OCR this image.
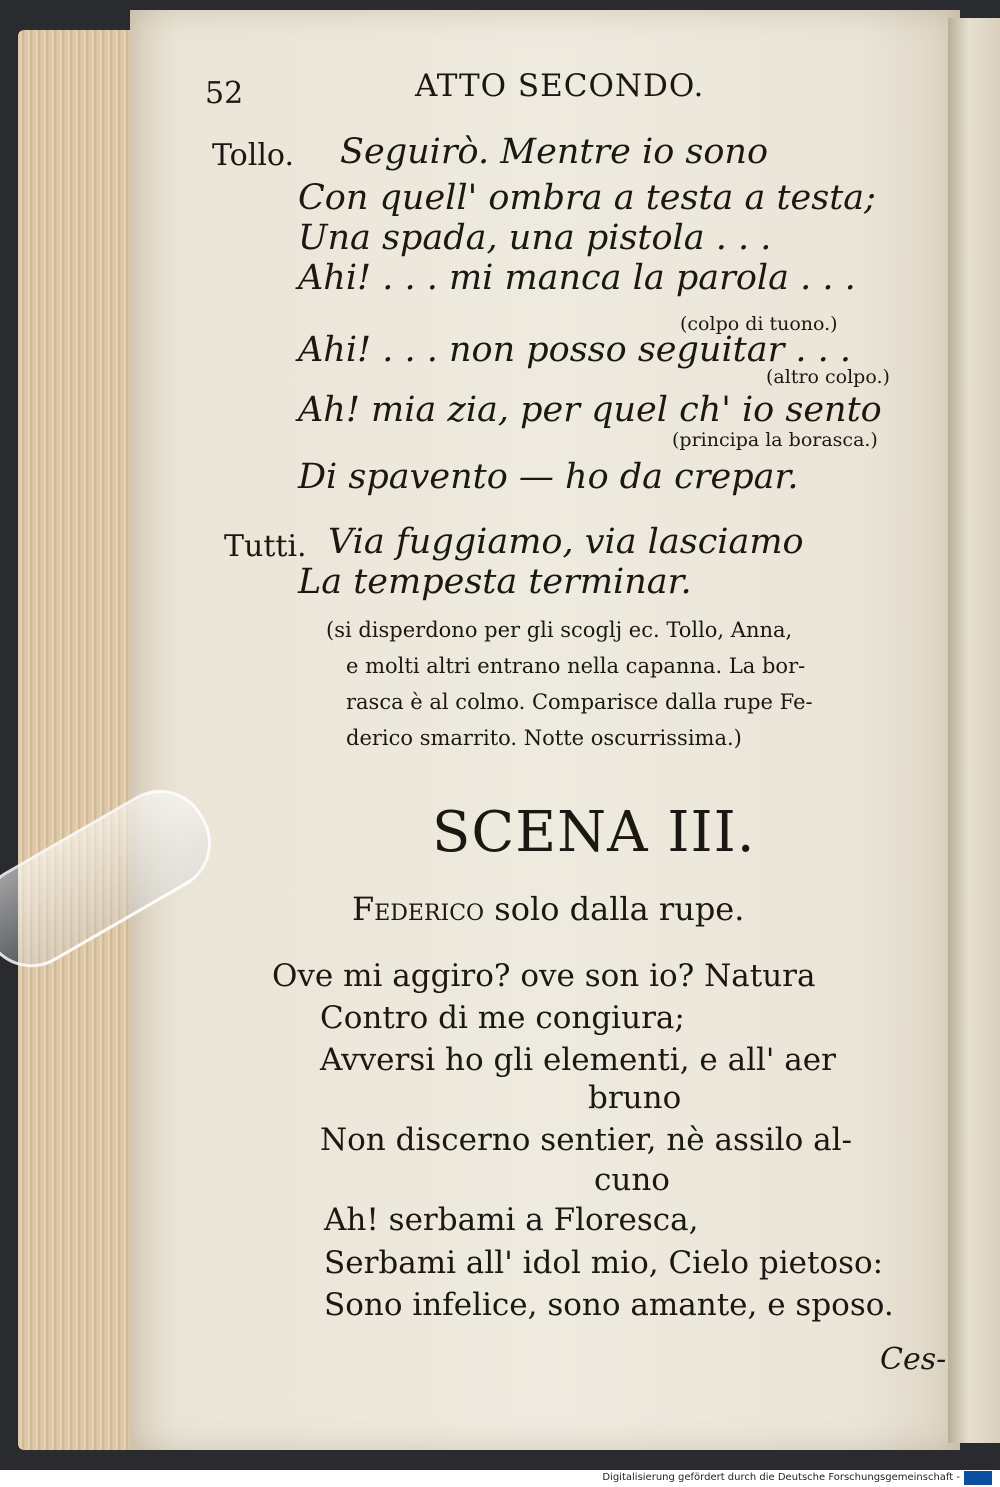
52	ATTO SECONDO.
Tollo. Seguirò. Mentre io sono
Con quell' ombra a testa a testa;
Una spada, una pistola . . .
Ahi! . . . mi manca la parola . . .
(colpo di tuono.)
Ahi! . . . non posso seguitar . . .
(altro colpo.)
Ah! mia zia, per quel ch' io sento
(principa la borasca.)
Di spavento — ho da crepar.
Tutti. Via fuggiamo, via lasciamo
La tempesta terminar.
(si disperdono per gli scoglj ec. Tollo, Anna,
e molti altri entrano nella capanna. La bor-
rasca è al colmo. Comparisce dalla rupe Fe-
derico smarrito. Notte oscurrissima.)
SCENA III.
Federico solo dalla rupe.
Ove mi aggiro? ove son io? Natura
Contro di me congiura;
Avversi ho gli elementi, e all' aer
bruno
Non discerno sentier, nè assilo al-
cuno
Ah! serbami a Floresca,
Serbami all' idol mio, Cielo pietoso:
Sono infelice, sono amante, e sposo.
Ces-
Digitalisierung gefördert durch die Deutsche Forschungsgemeinschaft -
